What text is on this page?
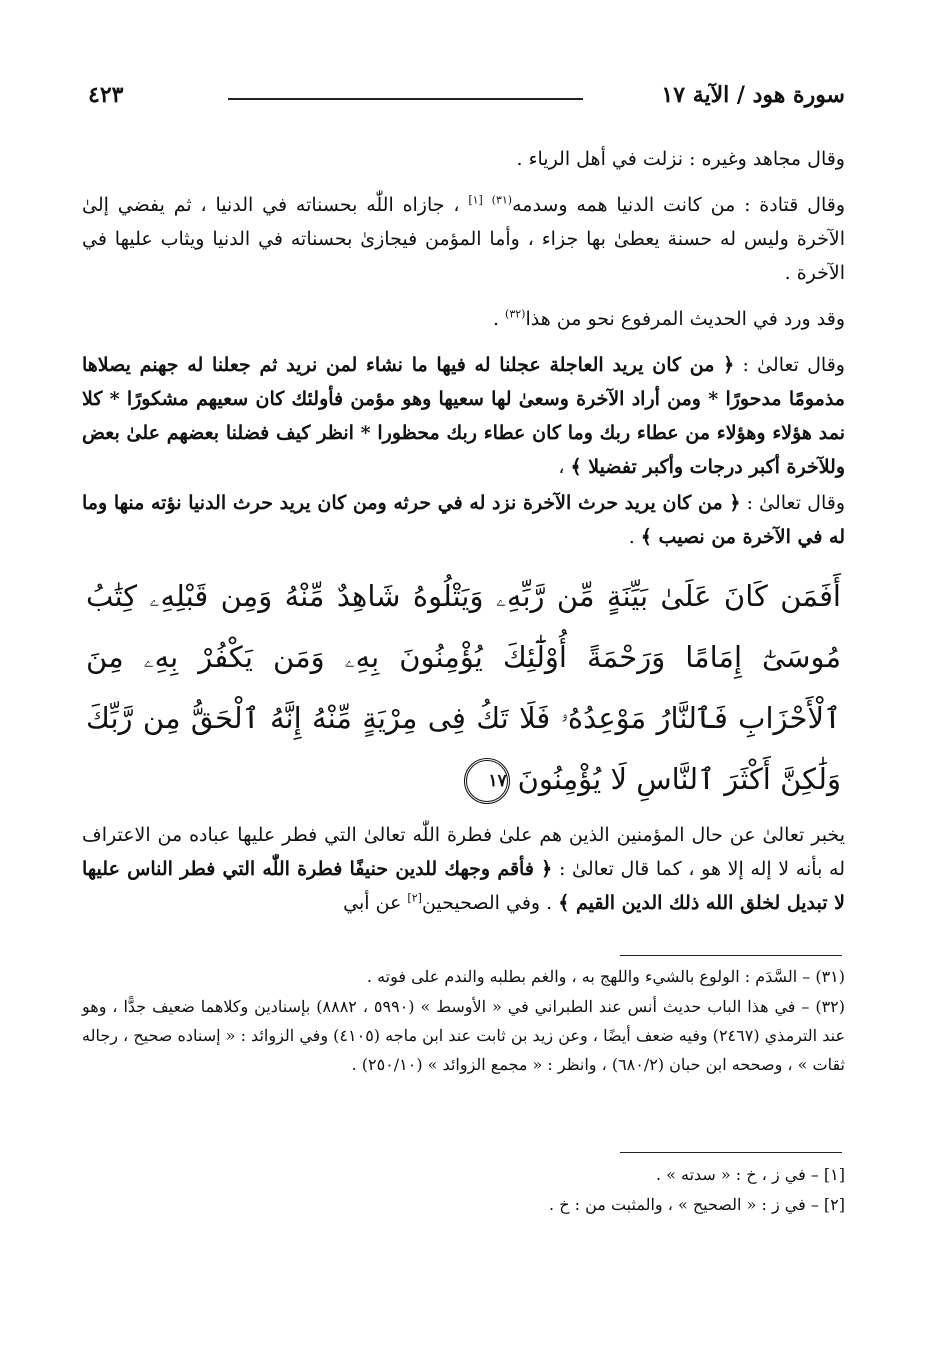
٤٢٣	سورة هود / الآية ١٧

وقال مجاهد وغيره : نزلت في أهل الرياء .

وقال قتادة : من كانت الدنيا همه وسدمه$^{(٣١)}$ [١] ، جازاه اللّٰه بحسناته في الدنيا ، ثم يفضي إلىٰ الآخرة وليس له حسنة يعطىٰ بها جزاء ، وأما المؤمن فيجازىٰ بحسناته في الدنيا ويثاب عليها في الآخرة .

وقد ورد في الحديث المرفوع نحو من هذا$^{(٣٢)}$ .

وقال تعالىٰ : ﴿ من كان يريد العاجلة عجلنا له فيها ما نشاء لمن نريد ثم جعلنا له جهنم يصلاها مذمومًا مدحورًا * ومن أراد الآخرة وسعىٰ لها سعيها وهو مؤمن فأولئك كان سعيهم مشكورًا * كلا نمد هؤلاء وهؤلاء من عطاء ربك وما كان عطاء ربك محظورا * انظر كيف فضلنا بعضهم علىٰ بعض وللآخرة أكبر درجات وأكبر تفضيلا ﴾ ،

وقال تعالىٰ : ﴿ من كان يريد حرث الآخرة نزد له في حرثه ومن كان يريد حرث الدنيا نؤته منها وما له في الآخرة من نصيب ﴾ .

أَفَمَن كَانَ عَلَىٰ بَيِّنَةٍ مِّن رَّبِّهِۦ وَيَتْلُوهُ شَاهِدٌ مِّنْهُ وَمِن قَبْلِهِۦ كِتَٰبُ مُوسَىٰٓ إِمَامًا وَرَحْمَةً أُوْلَٰٓئِكَ يُؤْمِنُونَ بِهِۦ وَمَن يَكْفُرْ بِهِۦ مِنَ ٱلْأَحْزَابِ فَٱلنَّارُ مَوْعِدُهُۥ فَلَا تَكُ فِى مِرْيَةٍ مِّنْهُ إِنَّهُ ٱلْحَقُّ مِن رَّبِّكَ وَلَٰكِنَّ أَكْثَرَ ٱلنَّاسِ لَا يُؤْمِنُونَ١٧

يخبر تعالىٰ عن حال المؤمنين الذين هم علىٰ فطرة اللّٰه تعالىٰ التي فطر عليها عباده من الاعتراف له بأنه لا إله إلا هو ، كما قال تعالىٰ : ﴿ فأقم وجهك للدين حنيفًا فطرة اللّٰه التي فطر الناس عليها لا تبديل لخلق الله ذلك الدين القيم ﴾ . وفي الصحيحين[٢] عن أبي

(٣١) – السَّدَم : الولوع بالشيء واللهج به ، والغم بطلبه والندم على فوته .

(٣٢) – في هذا الباب حديث أنس عند الطبراني في « الأوسط » (٥٩٩٠ ، ٨٨٨٢) بإسنادين وكلاهما ضعيف جدًّا ، وهو عند الترمذي (٢٤٦٧) وفيه ضعف أيضًا ، وعن زيد بن ثابت عند ابن ماجه (٤١٠٥) وفي الزوائد : « إسناده صحيح ، رجاله ثقات » ، وصححه ابن حبان (٦٨٠/٢) ، وانظر : « مجمع الزوائد » (٢٥٠/١٠) .

[١] – في ز ، خ : « سدته » .

[٢] – في ز : « الصحيح » ، والمثبت من : خ .
